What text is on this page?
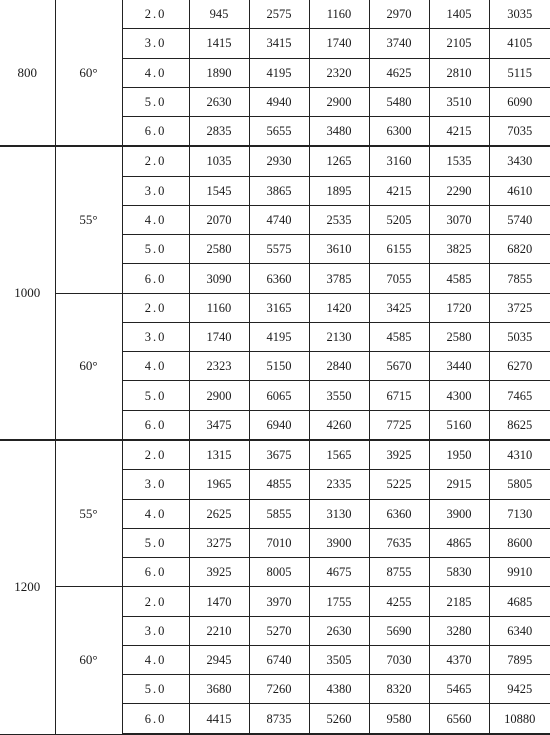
800	60°	2.0	945	2575	1160	2970	1405	3035
		3.0	1415	3415	1740	3740	2105	4105
		4.0	1890	4195	2320	4625	2810	5115
		5.0	2630	4940	2900	5480	3510	6090
		6.0	2835	5655	3480	6300	4215	7035
1000	55°	2.0	1035	2930	1265	3160	1535	3430
		3.0	1545	3865	1895	4215	2290	4610
		4.0	2070	4740	2535	5205	3070	5740
		5.0	2580	5575	3610	6155	3825	6820
		6.0	3090	6360	3785	7055	4585	7855
	60°	2.0	1160	3165	1420	3425	1720	3725
		3.0	1740	4195	2130	4585	2580	5035
		4.0	2323	5150	2840	5670	3440	6270
		5.0	2900	6065	3550	6715	4300	7465
		6.0	3475	6940	4260	7725	5160	8625
1200	55°	2.0	1315	3675	1565	3925	1950	4310
		3.0	1965	4855	2335	5225	2915	5805
		4.0	2625	5855	3130	6360	3900	7130
		5.0	3275	7010	3900	7635	4865	8600
		6.0	3925	8005	4675	8755	5830	9910
	60°	2.0	1470	3970	1755	4255	2185	4685
		3.0	2210	5270	2630	5690	3280	6340
		4.0	2945	6740	3505	7030	4370	7895
		5.0	3680	7260	4380	8320	5465	9425
		6.0	4415	8735	5260	9580	6560	10880
